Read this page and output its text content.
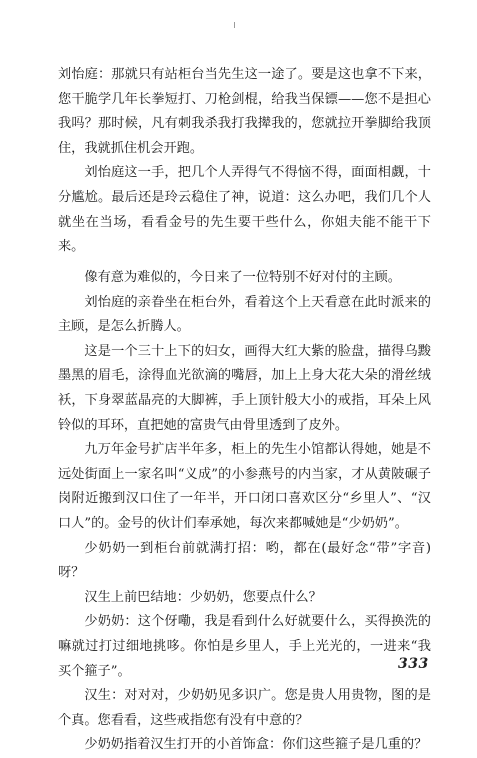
刘怡庭：那就只有站柜台当先生这一途了。要是这也拿不下来，您干脆学几年长拳短打、刀枪剑棍，给我当保镖——您不是担心我吗？那时候，凡有刺我杀我打我撵我的，您就拉开拳脚给我顶住，我就抓住机会开跑。

刘怡庭这一手，把几个人弄得气不得恼不得，面面相觑，十分尴尬。最后还是玲云稳住了神，说道：这么办吧，我们几个人就坐在当场，看看金号的先生要干些什么，你姐夫能不能干下来。

像有意为难似的，今日来了一位特别不好对付的主顾。

刘怡庭的亲眷坐在柜台外，看着这个上天看意在此时派来的主顾，是怎么折腾人。

这是一个三十上下的妇女，画得大红大紫的脸盘，描得乌黢墨黑的眉毛，涂得血光欲滴的嘴唇，加上上身大花大朵的滑丝绒袄，下身翠蓝晶亮的大脚裤，手上顶针般大小的戒指，耳朵上风铃似的耳环，直把她的富贵气由骨里透到了皮外。

九万年金号扩店半年多，柜上的先生小馆都认得她，她是不远处街面上一家名叫“义成”的小参燕号的内当家，才从黄陂碾子岗附近搬到汉口住了一年半，开口闭口喜欢区分“乡里人”、“汉口人”的。金号的伙计们奉承她，每次来都喊她是“少奶奶”。

少奶奶一到柜台前就满打招：哟，都在(最好念“带”字音)呀？

汉生上前巴结地：少奶奶，您要点什么？

少奶奶：这个伢嘞，我是看到什么好就要什么，买得换洗的嘛就过打过细地挑哆。你怕是乡里人，手上光光的，一进来“我买个箍子”。

汉生：对对对，少奶奶见多识广。您是贵人用贵物，图的是个真。您看看，这些戒指您有没有中意的？

少奶奶指着汉生打开的小首饰盒：你们这些箍子是几重的？

333
